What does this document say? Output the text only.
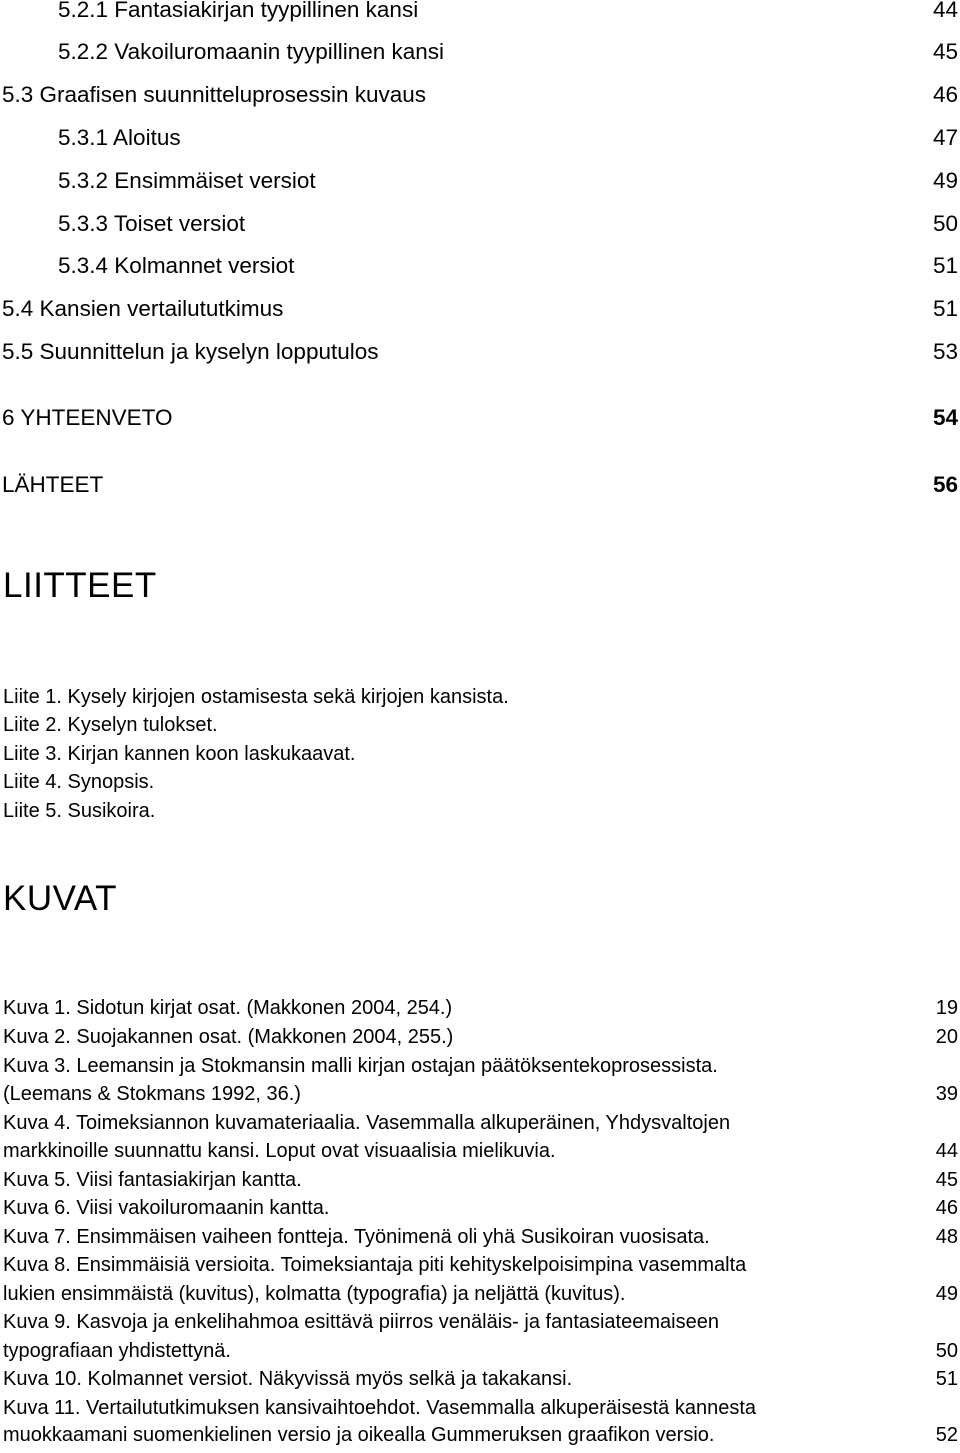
5.2.1 Fantasiakirjan tyypillinen kansi	44
5.2.2 Vakoiluromaanin tyypillinen kansi	45
5.3 Graafisen suunnitteluprosessin kuvaus	46
5.3.1 Aloitus	47
5.3.2 Ensimmäiset versiot	49
5.3.3 Toiset versiot	50
5.3.4 Kolmannet versiot	51
5.4 Kansien vertailututkimus	51
5.5 Suunnittelun ja kyselyn lopputulos	53
6 YHTEENVETO	54
LÄHTEET	56
LIITTEET
Liite 1. Kysely kirjojen ostamisesta sekä kirjojen kansista.
Liite 2. Kyselyn tulokset.
Liite 3. Kirjan kannen koon laskukaavat.
Liite 4. Synopsis.
Liite 5. Susikoira.
KUVAT
Kuva 1. Sidotun kirjat osat. (Makkonen 2004, 254.)	19
Kuva 2. Suojakannen osat. (Makkonen 2004, 255.)	20
Kuva 3. Leemansin ja Stokmansin malli kirjan ostajan päätöksentekoprosessista.
(Leemans & Stokmans 1992, 36.)	39
Kuva 4. Toimeksiannon kuvamateriaalia. Vasemmalla alkuperäinen, Yhdysvaltojen
markkinoille suunnattu kansi. Loput ovat visuaalisia mielikuvia.	44
Kuva 5. Viisi fantasiakirjan kantta.	45
Kuva 6. Viisi vakoiluromaanin kantta.	46
Kuva 7. Ensimmäisen vaiheen fontteja. Työnimenä oli yhä Susikoiran vuosisata.	48
Kuva 8. Ensimmäisiä versioita. Toimeksiantaja piti kehityskelpoisimpina vasemmalta
lukien ensimmäistä (kuvitus), kolmatta (typografia) ja neljättä (kuvitus).	49
Kuva 9. Kasvoja ja enkelihahmoa esittävä piirros venäläis- ja fantasiateemaiseen
typografiaan yhdistettynä.	50
Kuva 10. Kolmannet versiot. Näkyvissä myös selkä ja takakansi.	51
Kuva 11. Vertailututkimuksen kansivaihtoehdot. Vasemmalla alkuperäisestä kannesta
muokkaamani suomenkielinen versio ja oikealla Gummeruksen graafikon versio.	52
